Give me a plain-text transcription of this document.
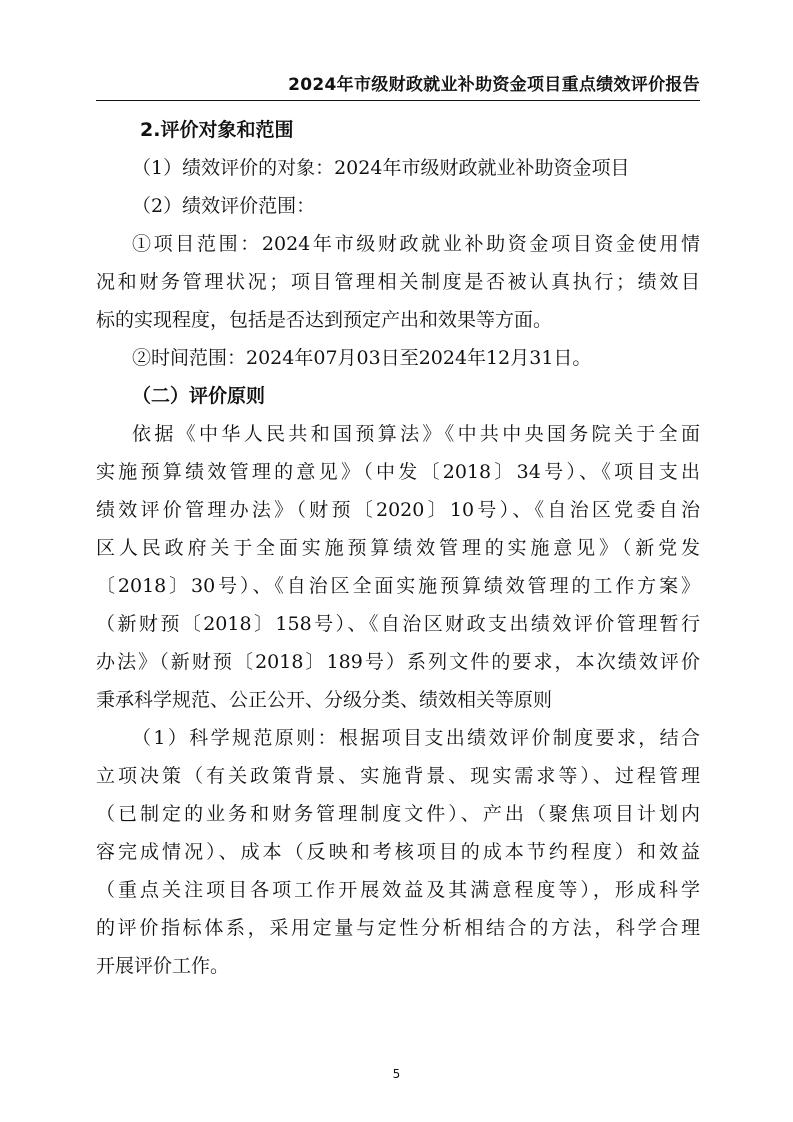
2024年市级财政就业补助资金项目重点绩效评价报告
2.评价对象和范围
（1）绩效评价的对象：2024年市级财政就业补助资金项目
（2）绩效评价范围：
①项目范围：2024年市级财政就业补助资金项目资金使用情
况和财务管理状况；项目管理相关制度是否被认真执行；绩效目
标的实现程度，包括是否达到预定产出和效果等方面。
②时间范围：2024年07月03日至2024年12月31日。
（二）评价原则
依据《中华人民共和国预算法》《中共中央国务院关于全面
实施预算绩效管理的意见》（中发〔2018〕34号）、《项目支出
绩效评价管理办法》（财预〔2020〕10号）、《自治区党委自治
区人民政府关于全面实施预算绩效管理的实施意见》（新党发
〔2018〕30号）、《自治区全面实施预算绩效管理的工作方案》
（新财预〔2018〕158号）、《自治区财政支出绩效评价管理暂行
办法》（新财预〔2018〕189号）系列文件的要求，本次绩效评价
秉承科学规范、公正公开、分级分类、绩效相关等原则
（1）科学规范原则：根据项目支出绩效评价制度要求，结合
立项决策（有关政策背景、实施背景、现实需求等）、过程管理
（已制定的业务和财务管理制度文件）、产出（聚焦项目计划内
容完成情况）、成本（反映和考核项目的成本节约程度）和效益
（重点关注项目各项工作开展效益及其满意程度等），形成科学
的评价指标体系，采用定量与定性分析相结合的方法，科学合理
开展评价工作。
5
